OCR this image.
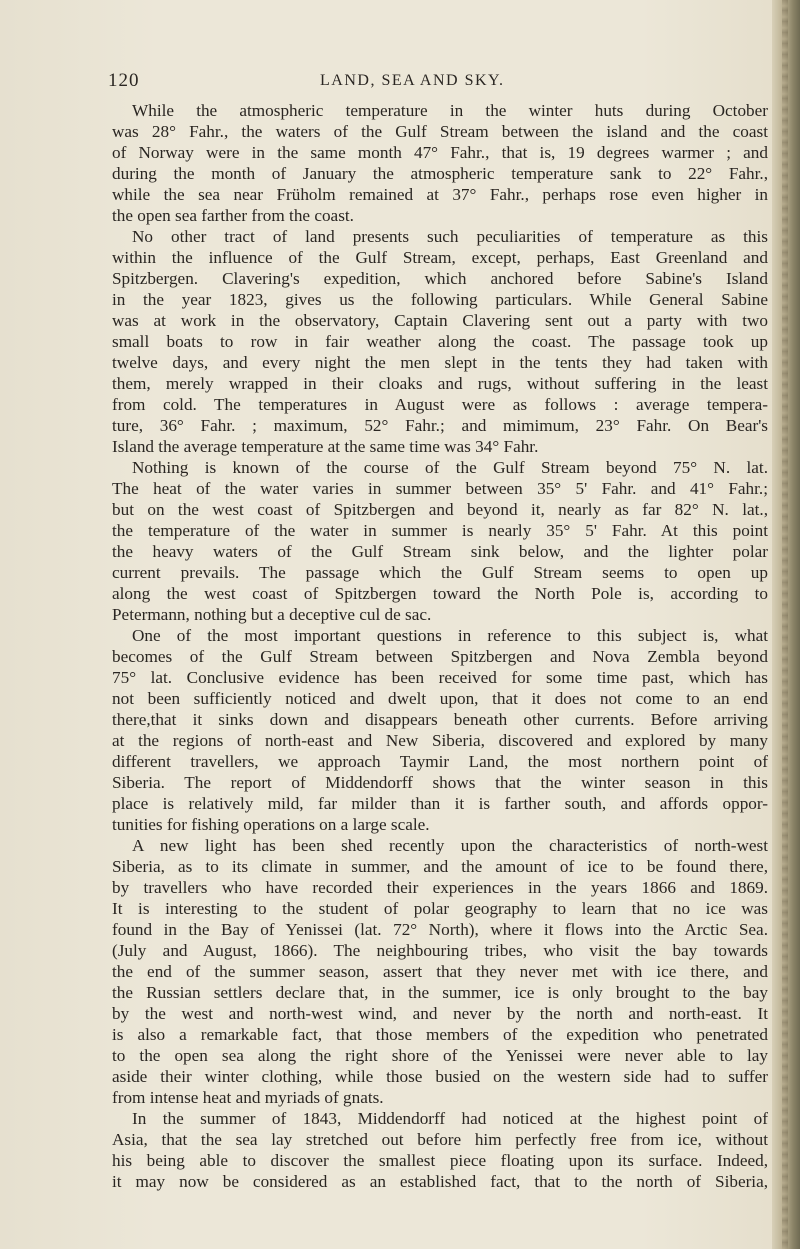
120	LAND, SEA AND SKY.
While the atmospheric temperature in the winter huts during October
was 28° Fahr., the waters of the Gulf Stream between the island and the coast
of Norway were in the same month 47° Fahr., that is, 19 degrees warmer ; and
during the month of January the atmospheric temperature sank to 22° Fahr.,
while the sea near Früholm remained at 37° Fahr., perhaps rose even higher in
the open sea farther from the coast.
No other tract of land presents such peculiarities of temperature as this
within the influence of the Gulf Stream, except, perhaps, East Greenland and
Spitzbergen. Clavering's expedition, which anchored before Sabine's Island
in the year 1823, gives us the following particulars. While General Sabine
was at work in the observatory, Captain Clavering sent out a party with two
small boats to row in fair weather along the coast. The passage took up
twelve days, and every night the men slept in the tents they had taken with
them, merely wrapped in their cloaks and rugs, without suffering in the least
from cold. The temperatures in August were as follows : average tempera-
ture, 36° Fahr. ; maximum, 52° Fahr.; and mimimum, 23° Fahr. On Bear's
Island the average temperature at the same time was 34° Fahr.
Nothing is known of the course of the Gulf Stream beyond 75° N. lat.
The heat of the water varies in summer between 35° 5' Fahr. and 41° Fahr.;
but on the west coast of Spitzbergen and beyond it, nearly as far 82° N. lat.,
the temperature of the water in summer is nearly 35° 5' Fahr. At this point
the heavy waters of the Gulf Stream sink below, and the lighter polar
current prevails. The passage which the Gulf Stream seems to open up
along the west coast of Spitzbergen toward the North Pole is, according to
Petermann, nothing but a deceptive cul de sac.
One of the most important questions in reference to this subject is, what
becomes of the Gulf Stream between Spitzbergen and Nova Zembla beyond
75° lat. Conclusive evidence has been received for some time past, which has
not been sufficiently noticed and dwelt upon, that it does not come to an end
there,that it sinks down and disappears beneath other currents. Before arriving
at the regions of north-east and New Siberia, discovered and explored by many
different travellers, we approach Taymir Land, the most northern point of
Siberia. The report of Middendorff shows that the winter season in this
place is relatively mild, far milder than it is farther south, and affords oppor-
tunities for fishing operations on a large scale.
A new light has been shed recently upon the characteristics of north-west
Siberia, as to its climate in summer, and the amount of ice to be found there,
by travellers who have recorded their experiences in the years 1866 and 1869.
It is interesting to the student of polar geography to learn that no ice was
found in the Bay of Yenissei (lat. 72° North), where it flows into the Arctic Sea.
(July and August, 1866). The neighbouring tribes, who visit the bay towards
the end of the summer season, assert that they never met with ice there, and
the Russian settlers declare that, in the summer, ice is only brought to the bay
by the west and north-west wind, and never by the north and north-east. It
is also a remarkable fact, that those members of the expedition who penetrated
to the open sea along the right shore of the Yenissei were never able to lay
aside their winter clothing, while those busied on the western side had to suffer
from intense heat and myriads of gnats.
In the summer of 1843, Middendorff had noticed at the highest point of
Asia, that the sea lay stretched out before him perfectly free from ice, without
his being able to discover the smallest piece floating upon its surface. Indeed,
it may now be considered as an established fact, that to the north of Siberia,
